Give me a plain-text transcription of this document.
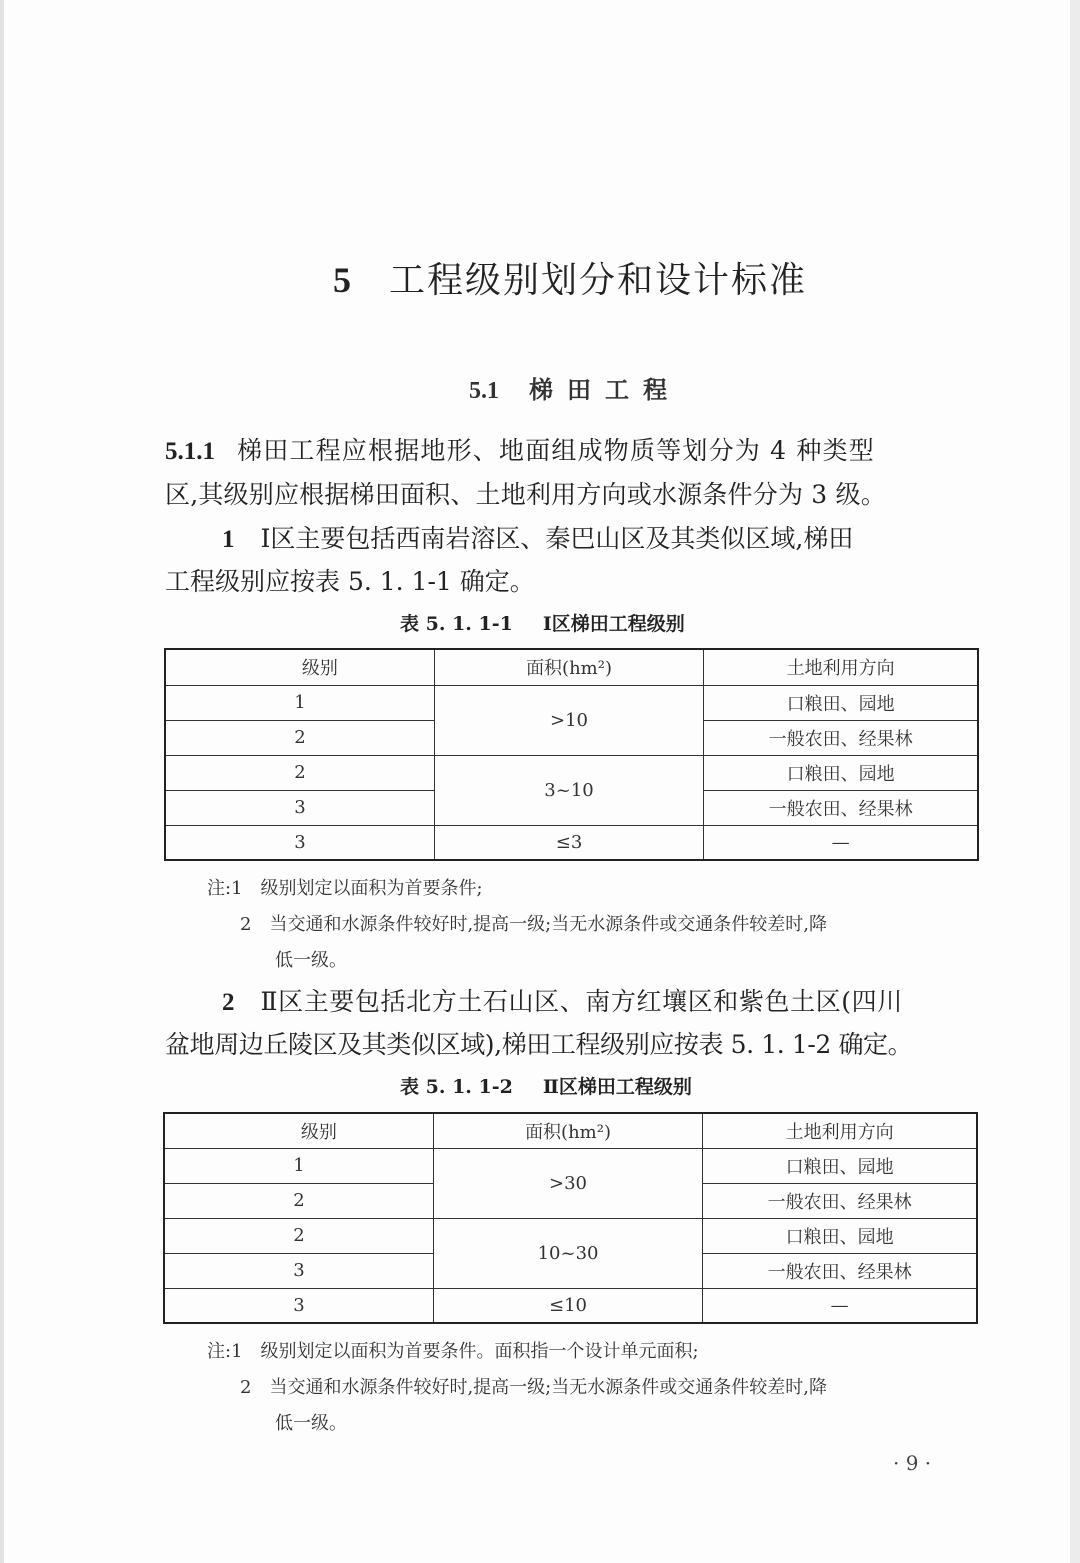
5 工程级别划分和设计标准
5.1 梯田工程
5.1.1 梯田工程应根据地形、地面组成物质等划分为 4 种类型
区,其级别应根据梯田面积、土地利用方向或水源条件分为 3 级。
1 Ⅰ区主要包括西南岩溶区、秦巴山区及其类似区域,梯田
工程级别应按表 5. 1. 1-1 确定。
表 5. 1. 1-1 Ⅰ区梯田工程级别
级别	面积(hm²)	土地利用方向
1	>10	口粮田、园地
2		一般农田、经果林
2	3~10	口粮田、园地
3		一般农田、经果林
3	≤3	—
注:1 级别划定以面积为首要条件;
2 当交通和水源条件较好时,提高一级;当无水源条件或交通条件较差时,降
低一级。
2 Ⅱ区主要包括北方土石山区、南方红壤区和紫色土区(四川
盆地周边丘陵区及其类似区域),梯田工程级别应按表 5. 1. 1-2 确定。
表 5. 1. 1-2 Ⅱ区梯田工程级别
级别	面积(hm²)	土地利用方向
1	>30	口粮田、园地
2		一般农田、经果林
2	10~30	口粮田、园地
3		一般农田、经果林
3	≤10	—
注:1 级别划定以面积为首要条件。面积指一个设计单元面积;
2 当交通和水源条件较好时,提高一级;当无水源条件或交通条件较差时,降
低一级。
· 9 ·
